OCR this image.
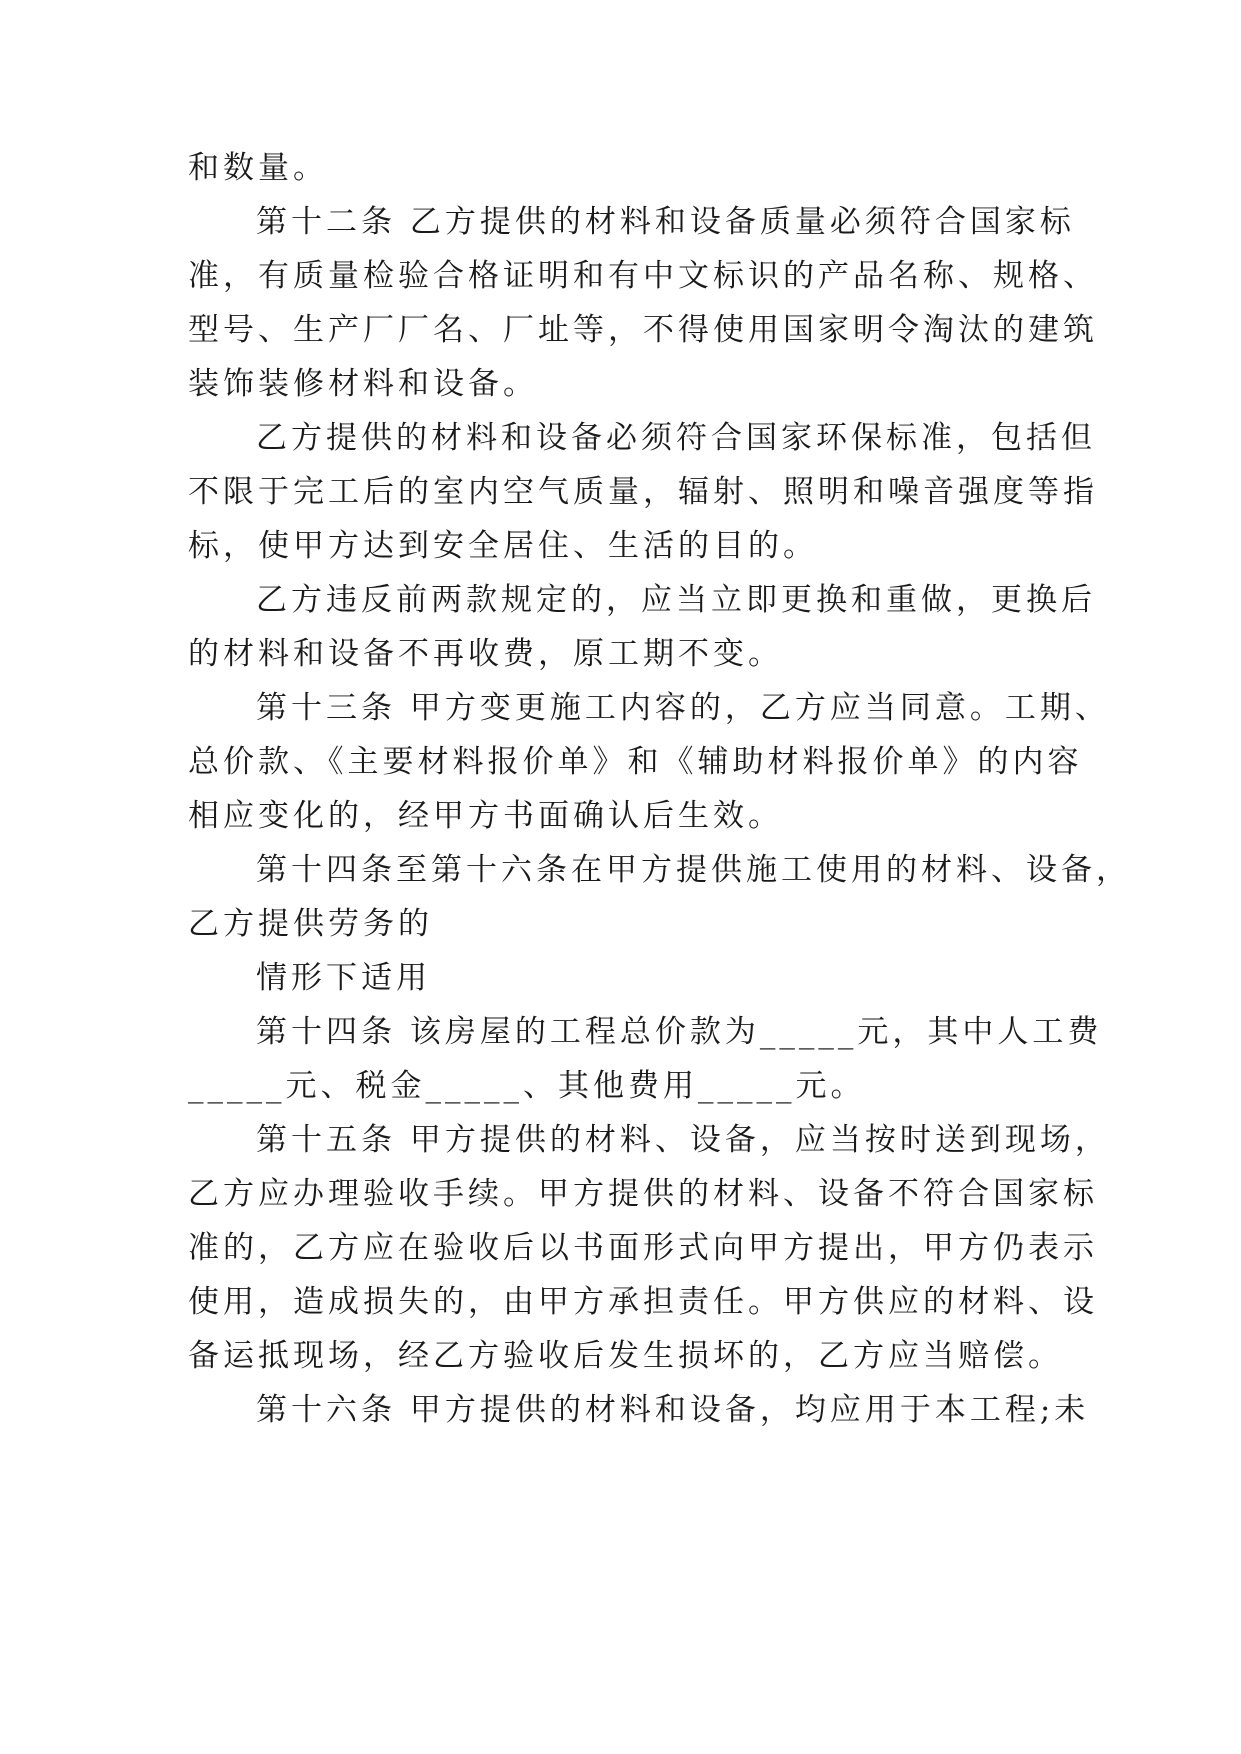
和数量。
第十二条 乙方提供的材料和设备质量必须符合国家标
准，有质量检验合格证明和有中文标识的产品名称、规格、
型号、生产厂厂名、厂址等，不得使用国家明令淘汰的建筑
装饰装修材料和设备。
乙方提供的材料和设备必须符合国家环保标准，包括但
不限于完工后的室内空气质量，辐射、照明和噪音强度等指
标，使甲方达到安全居住、生活的目的。
乙方违反前两款规定的，应当立即更换和重做，更换后
的材料和设备不再收费，原工期不变。
第十三条 甲方变更施工内容的，乙方应当同意。工期、
总价款、《主要材料报价单》和《辅助材料报价单》的内容
相应变化的，经甲方书面确认后生效。
第十四条至第十六条在甲方提供施工使用的材料、设备，
乙方提供劳务的
情形下适用
第十四条 该房屋的工程总价款为_____元，其中人工费
_____元、税金_____、其他费用_____元。
第十五条 甲方提供的材料、设备，应当按时送到现场，
乙方应办理验收手续。甲方提供的材料、设备不符合国家标
准的，乙方应在验收后以书面形式向甲方提出，甲方仍表示
使用，造成损失的，由甲方承担责任。甲方供应的材料、设
备运抵现场，经乙方验收后发生损坏的，乙方应当赔偿。
第十六条 甲方提供的材料和设备，均应用于本工程;未
